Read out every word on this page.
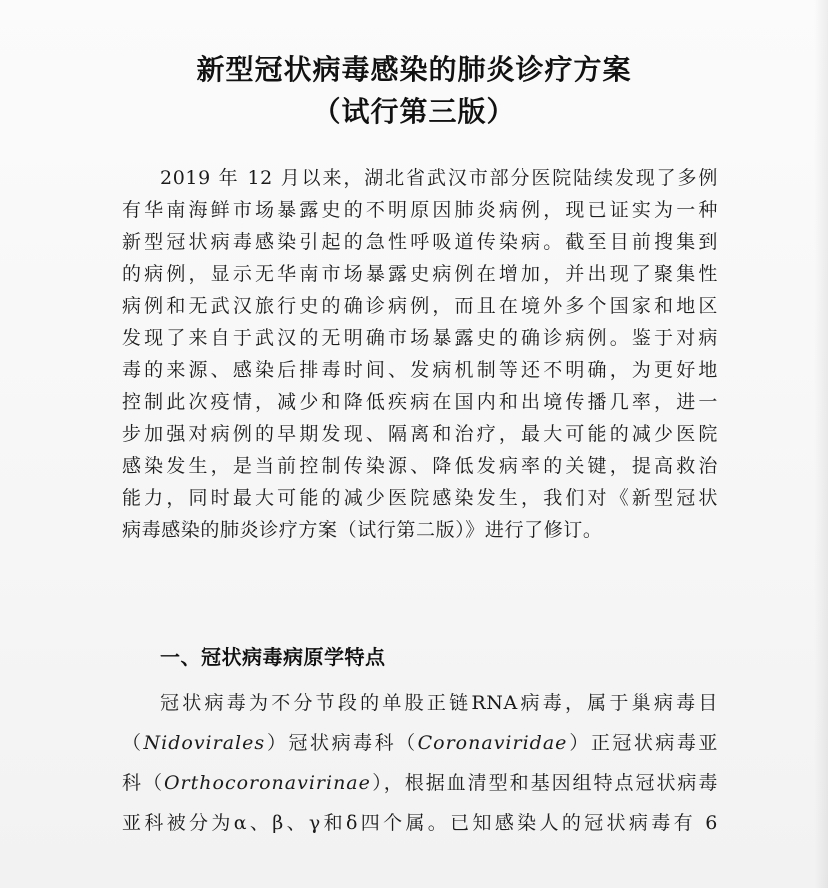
新型冠状病毒感染的肺炎诊疗方案
（试行第三版）
2019 年 12 月以来，湖北省武汉市部分医院陆续发现了多例
有华南海鲜市场暴露史的不明原因肺炎病例，现已证实为一种
新型冠状病毒感染引起的急性呼吸道传染病。截至目前搜集到
的病例，显示无华南市场暴露史病例在增加，并出现了聚集性
病例和无武汉旅行史的确诊病例，而且在境外多个国家和地区
发现了来自于武汉的无明确市场暴露史的确诊病例。鉴于对病
毒的来源、感染后排毒时间、发病机制等还不明确，为更好地
控制此次疫情，减少和降低疾病在国内和出境传播几率，进一
步加强对病例的早期发现、隔离和治疗，最大可能的减少医院
感染发生，是当前控制传染源、降低发病率的关键，提高救治
能力，同时最大可能的减少医院感染发生，我们对《新型冠状
病毒感染的肺炎诊疗方案（试行第二版）》进行了修订。
一、冠状病毒病原学特点
冠状病毒为不分节段的单股正链RNA病毒，属于巢病毒目
（Nidovirales）冠状病毒科（Coronaviridae）正冠状病毒亚
科（Orthocoronavirinae），根据血清型和基因组特点冠状病毒
亚科被分为α、β、γ和δ四个属。已知感染人的冠状病毒有 6
